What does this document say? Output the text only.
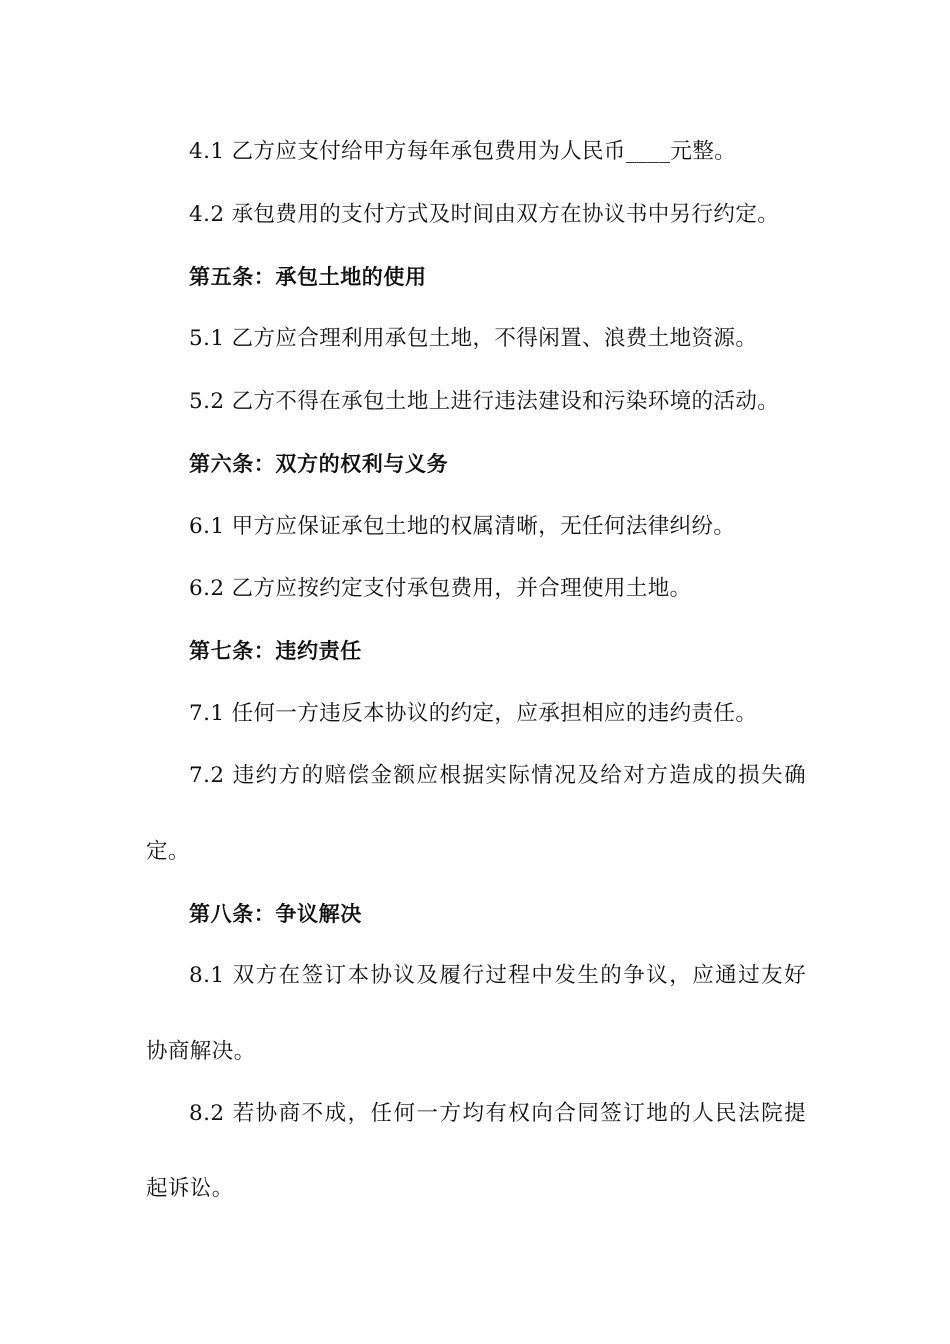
4.1 乙方应支付给甲方每年承包费用为人民币____元整。
4.2 承包费用的支付方式及时间由双方在协议书中另行约定。
第五条：承包土地的使用
5.1 乙方应合理利用承包土地，不得闲置、浪费土地资源。
5.2 乙方不得在承包土地上进行违法建设和污染环境的活动。
第六条：双方的权利与义务
6.1 甲方应保证承包土地的权属清晰，无任何法律纠纷。
6.2 乙方应按约定支付承包费用，并合理使用土地。
第七条：违约责任
7.1 任何一方违反本协议的约定，应承担相应的违约责任。
7.2 违约方的赔偿金额应根据实际情况及给对方造成的损失确
定。
第八条：争议解决
8.1 双方在签订本协议及履行过程中发生的争议，应通过友好
协商解决。
8.2 若协商不成，任何一方均有权向合同签订地的人民法院提
起诉讼。
